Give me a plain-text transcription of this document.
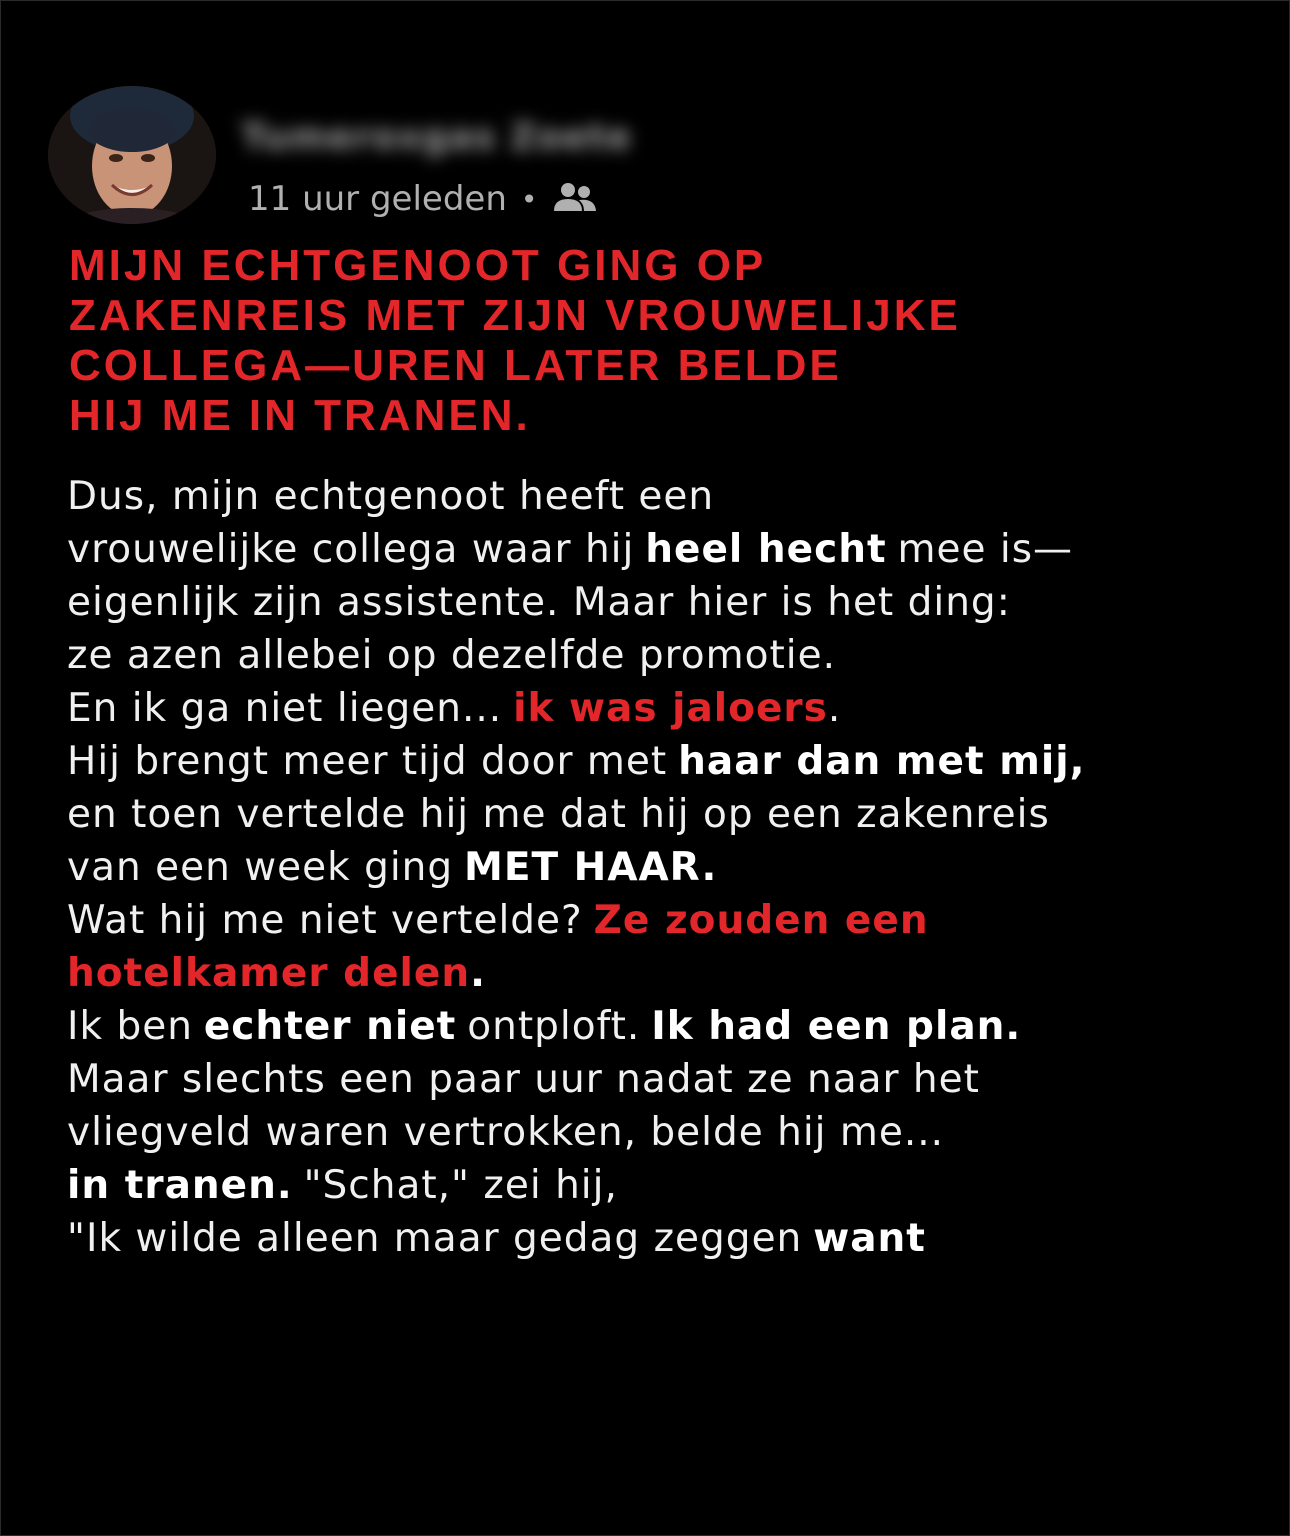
Tumeroxgas Zoete
11 uur geleden •
MIJN ECHTGENOOT GING OP
ZAKENREIS MET ZIJN VROUWELIJKE
COLLEGA—UREN LATER BELDE
HIJ ME IN TRANEN.
Dus, mijn echtgenoot heeft een
vrouwelijke collega waar hij heel hecht mee is—
eigenlijk zijn assistente. Maar hier is het ding:
ze azen allebei op dezelfde promotie.
En ik ga niet liegen... ik was jaloers.
Hij brengt meer tijd door met haar dan met mij,
en toen vertelde hij me dat hij op een zakenreis
van een week ging MET HAAR.
Wat hij me niet vertelde? Ze zouden een
hotelkamer delen.
Ik ben echter niet ontploft. Ik had een plan.
Maar slechts een paar uur nadat ze naar het
vliegveld waren vertrokken, belde hij me...
in tranen. "Schat," zei hij,
"Ik wilde alleen maar gedag zeggen want
